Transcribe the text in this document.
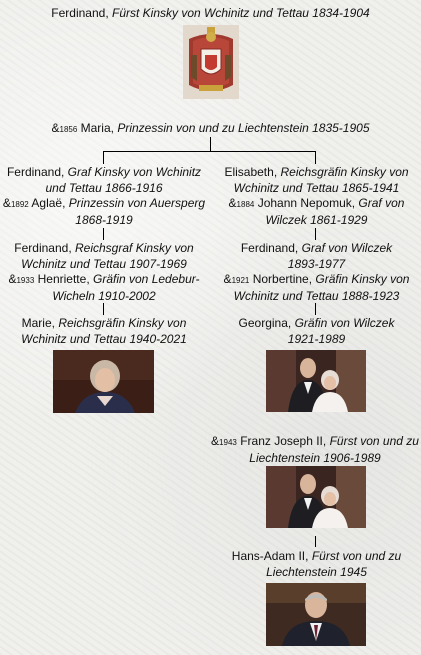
Ferdinand, Fürst Kinsky von Wchinitz und Tettau 1834-1904
&1856 Maria, Prinzessin von und zu Liechtenstein 1835-1905
Ferdinand, Graf Kinsky von Wchinitz
und Tettau 1866-1916
&1892 Aglaë, Prinzessin von Auersperg
1868-1919
Ferdinand, Reichsgraf Kinsky von
Wchinitz und Tettau 1907-1969
&1933 Henriette, Gräfin von Ledebur-
Wicheln 1910-2002
Marie, Reichsgräfin Kinsky von
Wchinitz und Tettau 1940-2021
Elisabeth, Reichsgräfin Kinsky von
Wchinitz und Tettau 1865-1941
&1884 Johann Nepomuk, Graf von
Wilczek 1861-1929
Ferdinand, Graf von Wilczek
1893-1977
&1921 Norbertine, Gräfin Kinsky von
Wchinitz und Tettau 1888-1923
Georgina, Gräfin von Wilczek
1921-1989
&1943 Franz Joseph II, Fürst von und zu
Liechtenstein 1906-1989
Hans-Adam II, Fürst von und zu
Liechtenstein 1945
